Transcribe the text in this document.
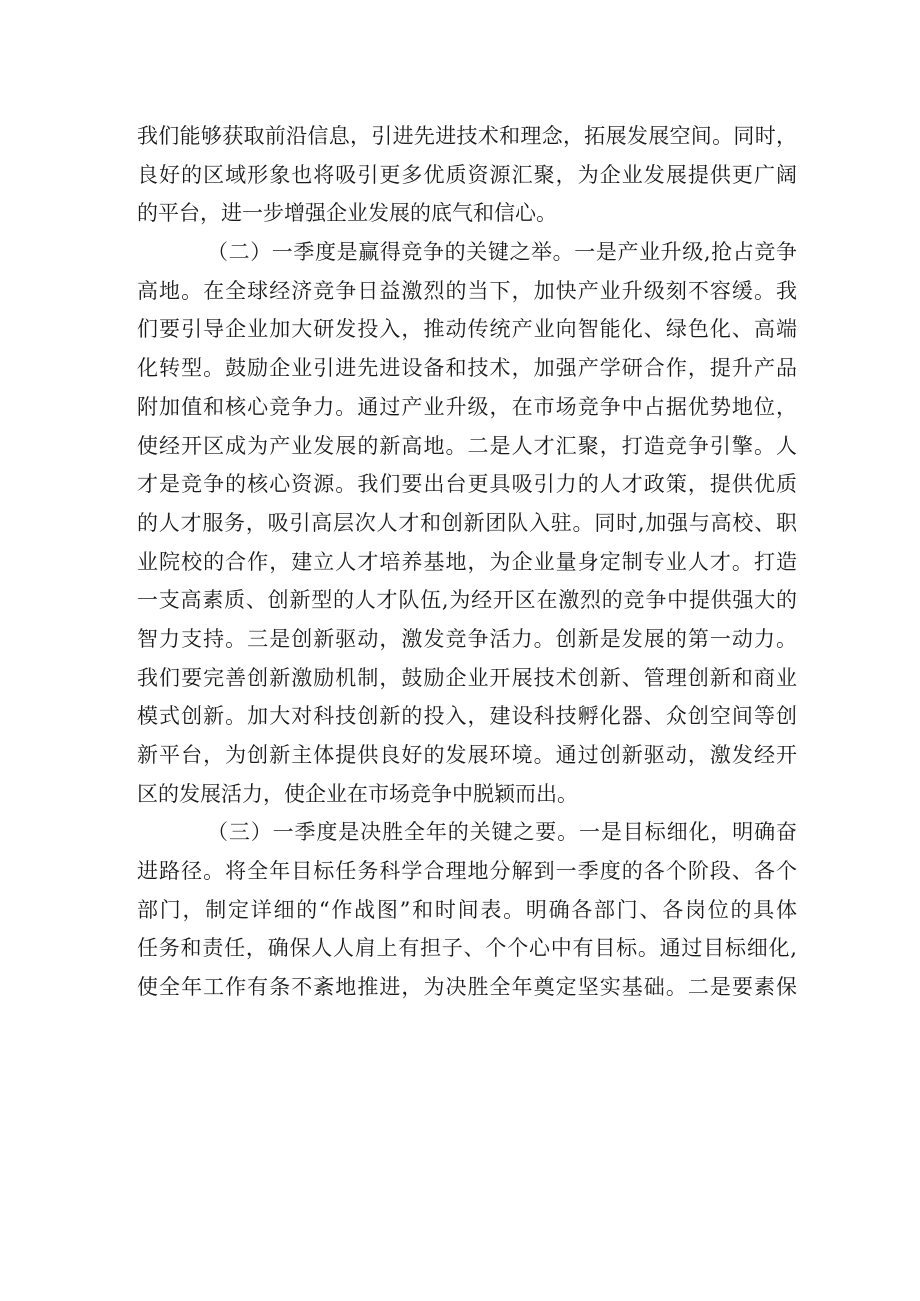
我们能够获取前沿信息，引进先进技术和理念，拓展发展空间。同时，
良好的区域形象也将吸引更多优质资源汇聚，为企业发展提供更广阔
的平台，进一步增强企业发展的底气和信心。
（二）一季度是赢得竞争的关键之举。一是产业升级,抢占竞争
高地。在全球经济竞争日益激烈的当下，加快产业升级刻不容缓。我
们要引导企业加大研发投入，推动传统产业向智能化、绿色化、高端
化转型。鼓励企业引进先进设备和技术，加强产学研合作，提升产品
附加值和核心竞争力。通过产业升级，在市场竞争中占据优势地位，
使经开区成为产业发展的新高地。二是人才汇聚，打造竞争引擎。人
才是竞争的核心资源。我们要出台更具吸引力的人才政策，提供优质
的人才服务，吸引高层次人才和创新团队入驻。同时,加强与高校、职
业院校的合作，建立人才培养基地，为企业量身定制专业人才。打造
一支高素质、创新型的人才队伍,为经开区在激烈的竞争中提供强大的
智力支持。三是创新驱动，激发竞争活力。创新是发展的第一动力。
我们要完善创新激励机制，鼓励企业开展技术创新、管理创新和商业
模式创新。加大对科技创新的投入，建设科技孵化器、众创空间等创
新平台，为创新主体提供良好的发展环境。通过创新驱动，激发经开
区的发展活力，使企业在市场竞争中脱颖而出。
（三）一季度是决胜全年的关键之要。一是目标细化，明确奋
进路径。将全年目标任务科学合理地分解到一季度的各个阶段、各个
部门，制定详细的“作战图”和时间表。明确各部门、各岗位的具体
任务和责任，确保人人肩上有担子、个个心中有目标。通过目标细化,
使全年工作有条不紊地推进，为决胜全年奠定坚实基础。二是要素保
